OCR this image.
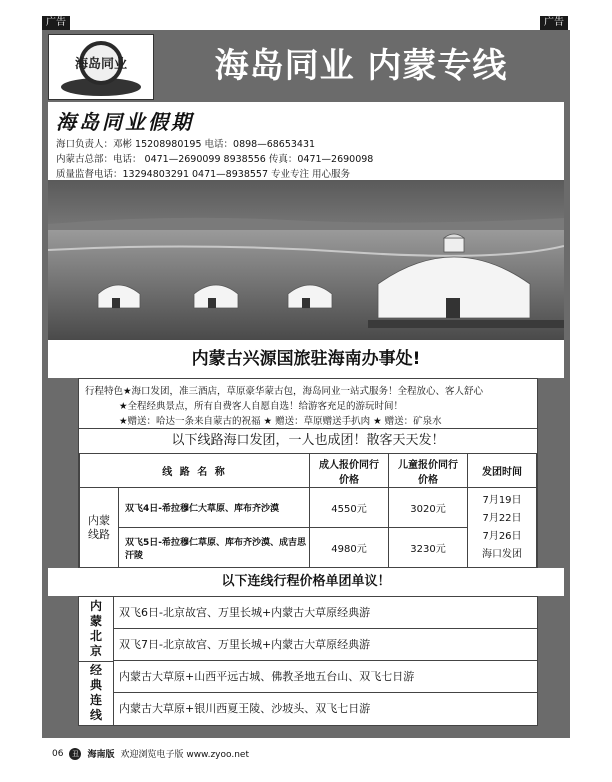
广告	广告
海岛同业	海岛同业 内蒙专线
海岛同业假期
海口负责人：邓彬 15208980195 电话：0898—68653431
内蒙古总部：电话： 0471—2690099 8938556 传真：0471—2690098
质量监督电话：13294803291 0471—8938557 专业专注 用心服务
内蒙古兴源国旅驻海南办事处!
行程特色★海口发团，准三酒店，草原豪华蒙古包，海岛同业一站式服务！全程放心、客人舒心
★全程经典景点，所有自费客人自愿自选！给游客充足的游玩时间！
★赠送：哈达一条来自蒙古的祝福 ★ 赠送：草原赠送手扒肉 ★ 赠送：矿泉水
以下线路海口发团，一人也成团！散客天天发！
线 路 名 称		成人报价同行价格	儿童报价同行价格	发团时间
内蒙线路	双飞4日-希拉穆仁大草原、库布齐沙漠	4550元	3020元	7月19日
7月22日
7月26日
海口发团

	双飞5日-希拉穆仁草原、库布齐沙漠、成吉思汗陵	4980元	3230元	
以下连线行程价格单团单议！
内蒙北京
双飞6日-北京故宫、万里长城+内蒙古大草原经典游
双飞7日-北京故宫、万里长城+内蒙古大草原经典游
经典连线
内蒙古大草原+山西平远古城、佛教圣地五台山、双飞七日游
内蒙古大草原+银川西夏王陵、沙坡头、双飞七日游
06	丑 海南版 欢迎浏览电子版 www.zyoo.net
